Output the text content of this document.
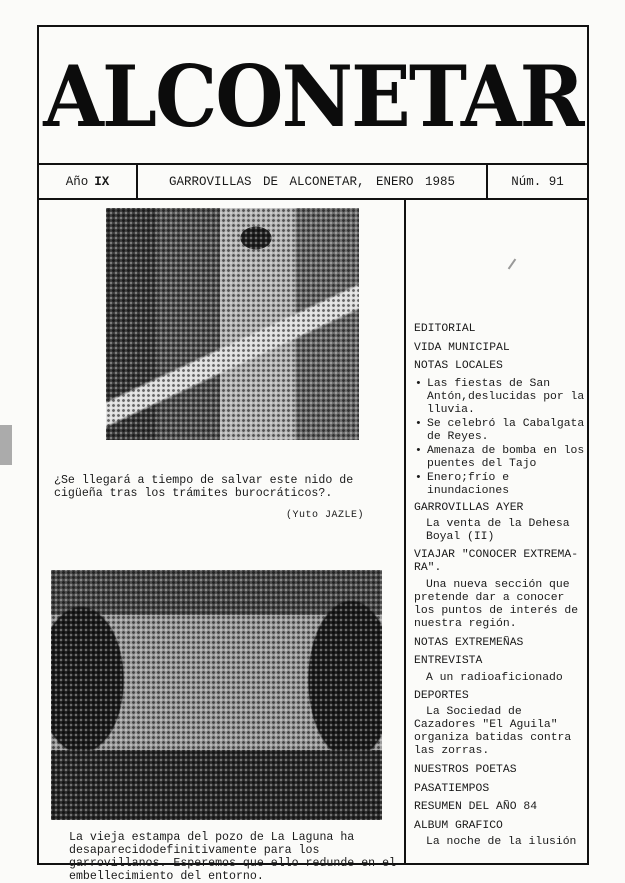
ALCONETAR
Año IX	GARROVILLAS DE ALCONETAR, ENERO 1985	Núm. 91
¿Se llegará a tiempo de salvar este nido de cigüeña tras los trámites burocráticos?.
(Yuto JAZLE)
La vieja estampa del pozo de La Laguna ha desaparecidodefinitivamente para los garrovillanos. Esperemos que ello redunde en el embellecimiento del entorno.
EDITORIAL
VIDA MUNICIPAL
NOTAS LOCALES
• Las fiestas de San Antón,deslucidas por la lluvia.
• Se celebró la Cabalgata de Reyes.
• Amenaza de bomba en los puentes del Tajo
• Enero;frío e inundaciones
GARROVILLAS AYER
La venta de la Dehesa Boyal (II)
VIAJAR "CONOCER EXTREMA-RA".
Una nueva sección que pretende dar a conocer los puntos de interés de nuestra región.
NOTAS EXTREMEÑAS
ENTREVISTA
A un radioaficionado
DEPORTES
La Sociedad de Cazadores "El Aguila" organiza batidas contra las zorras.
NUESTROS POETAS
PASATIEMPOS
RESUMEN DEL AÑO 84
ALBUM GRAFICO
La noche de la ilusión
